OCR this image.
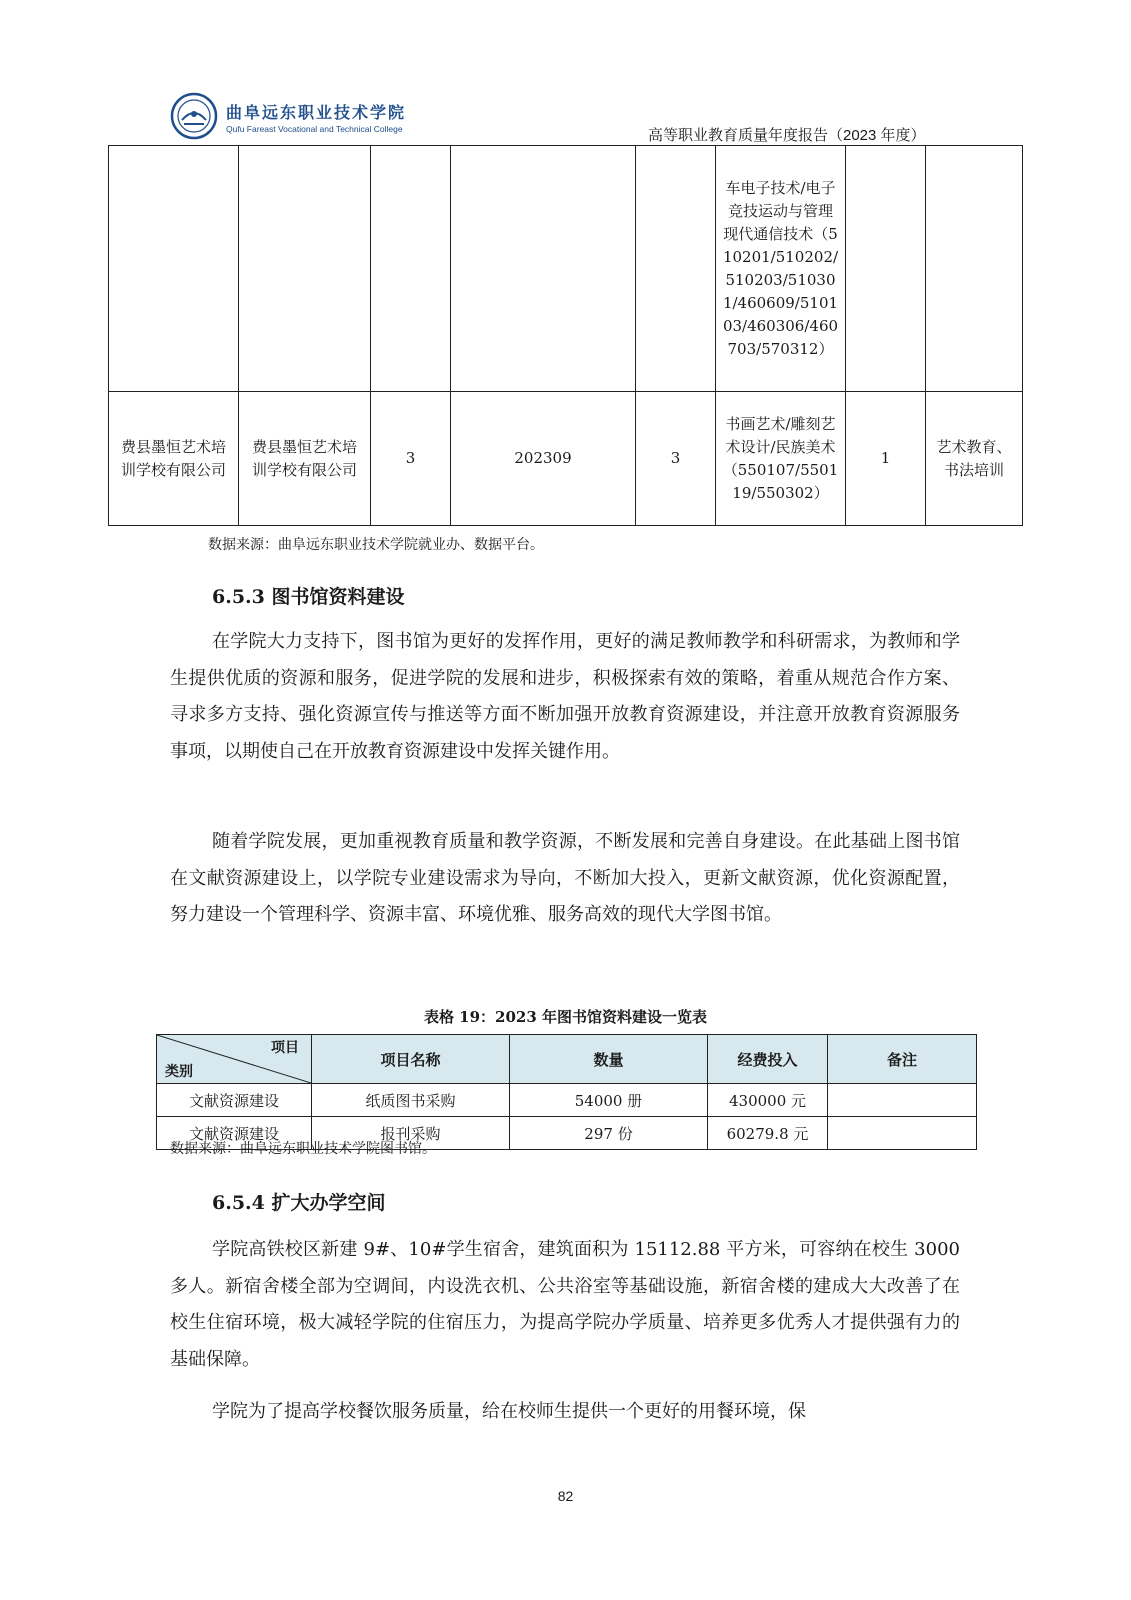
曲阜远东职业技术学院
Qufu Fareast Vocational and Technical College	高等职业教育质量年度报告（2023 年度）
					车电子技术/电子竞技运动与管理现代通信技术（510201/510202/510203/510301/460609/510103/460306/460703/570312）		
费县墨恒艺术培训学校有限公司	费县墨恒艺术培训学校有限公司	3	202309	3	书画艺术/雕刻艺术设计/民族美术（550107/550119/550302）	1	艺术教育、书法培训
数据来源：曲阜远东职业技术学院就业办、数据平台。
6.5.3 图书馆资料建设

在学院大力支持下，图书馆为更好的发挥作用，更好的满足教师教学和科研需求，为教师和学生提供优质的资源和服务，促进学院的发展和进步，积极探索有效的策略，着重从规范合作方案、寻求多方支持、强化资源宣传与推送等方面不断加强开放教育资源建设，并注意开放教育资源服务事项，以期使自己在开放教育资源建设中发挥关键作用。

随着学院发展，更加重视教育质量和教学资源，不断发展和完善自身建设。在此基础上图书馆在文献资源建设上，以学院专业建设需求为导向，不断加大投入，更新文献资源，优化资源配置，努力建设一个管理科学、资源丰富、环境优雅、服务高效的现代大学图书馆。

表格 19：2023 年图书馆资料建设一览表
项目
类别	项目名称	数量	经费投入	备注
文献资源建设	纸质图书采购	54000 册	430000 元	
文献资源建设	报刊采购	297 份	60279.8 元	
数据来源：曲阜远东职业技术学院图书馆。
6.5.4 扩大办学空间

学院高铁校区新建 9#、10#学生宿舍，建筑面积为 15112.88 平方米，可容纳在校生 3000 多人。新宿舍楼全部为空调间，内设洗衣机、公共浴室等基础设施，新宿舍楼的建成大大改善了在校生住宿环境，极大减轻学院的住宿压力，为提高学院办学质量、培养更多优秀人才提供强有力的基础保障。

学院为了提高学校餐饮服务质量，给在校师生提供一个更好的用餐环境，保

82
